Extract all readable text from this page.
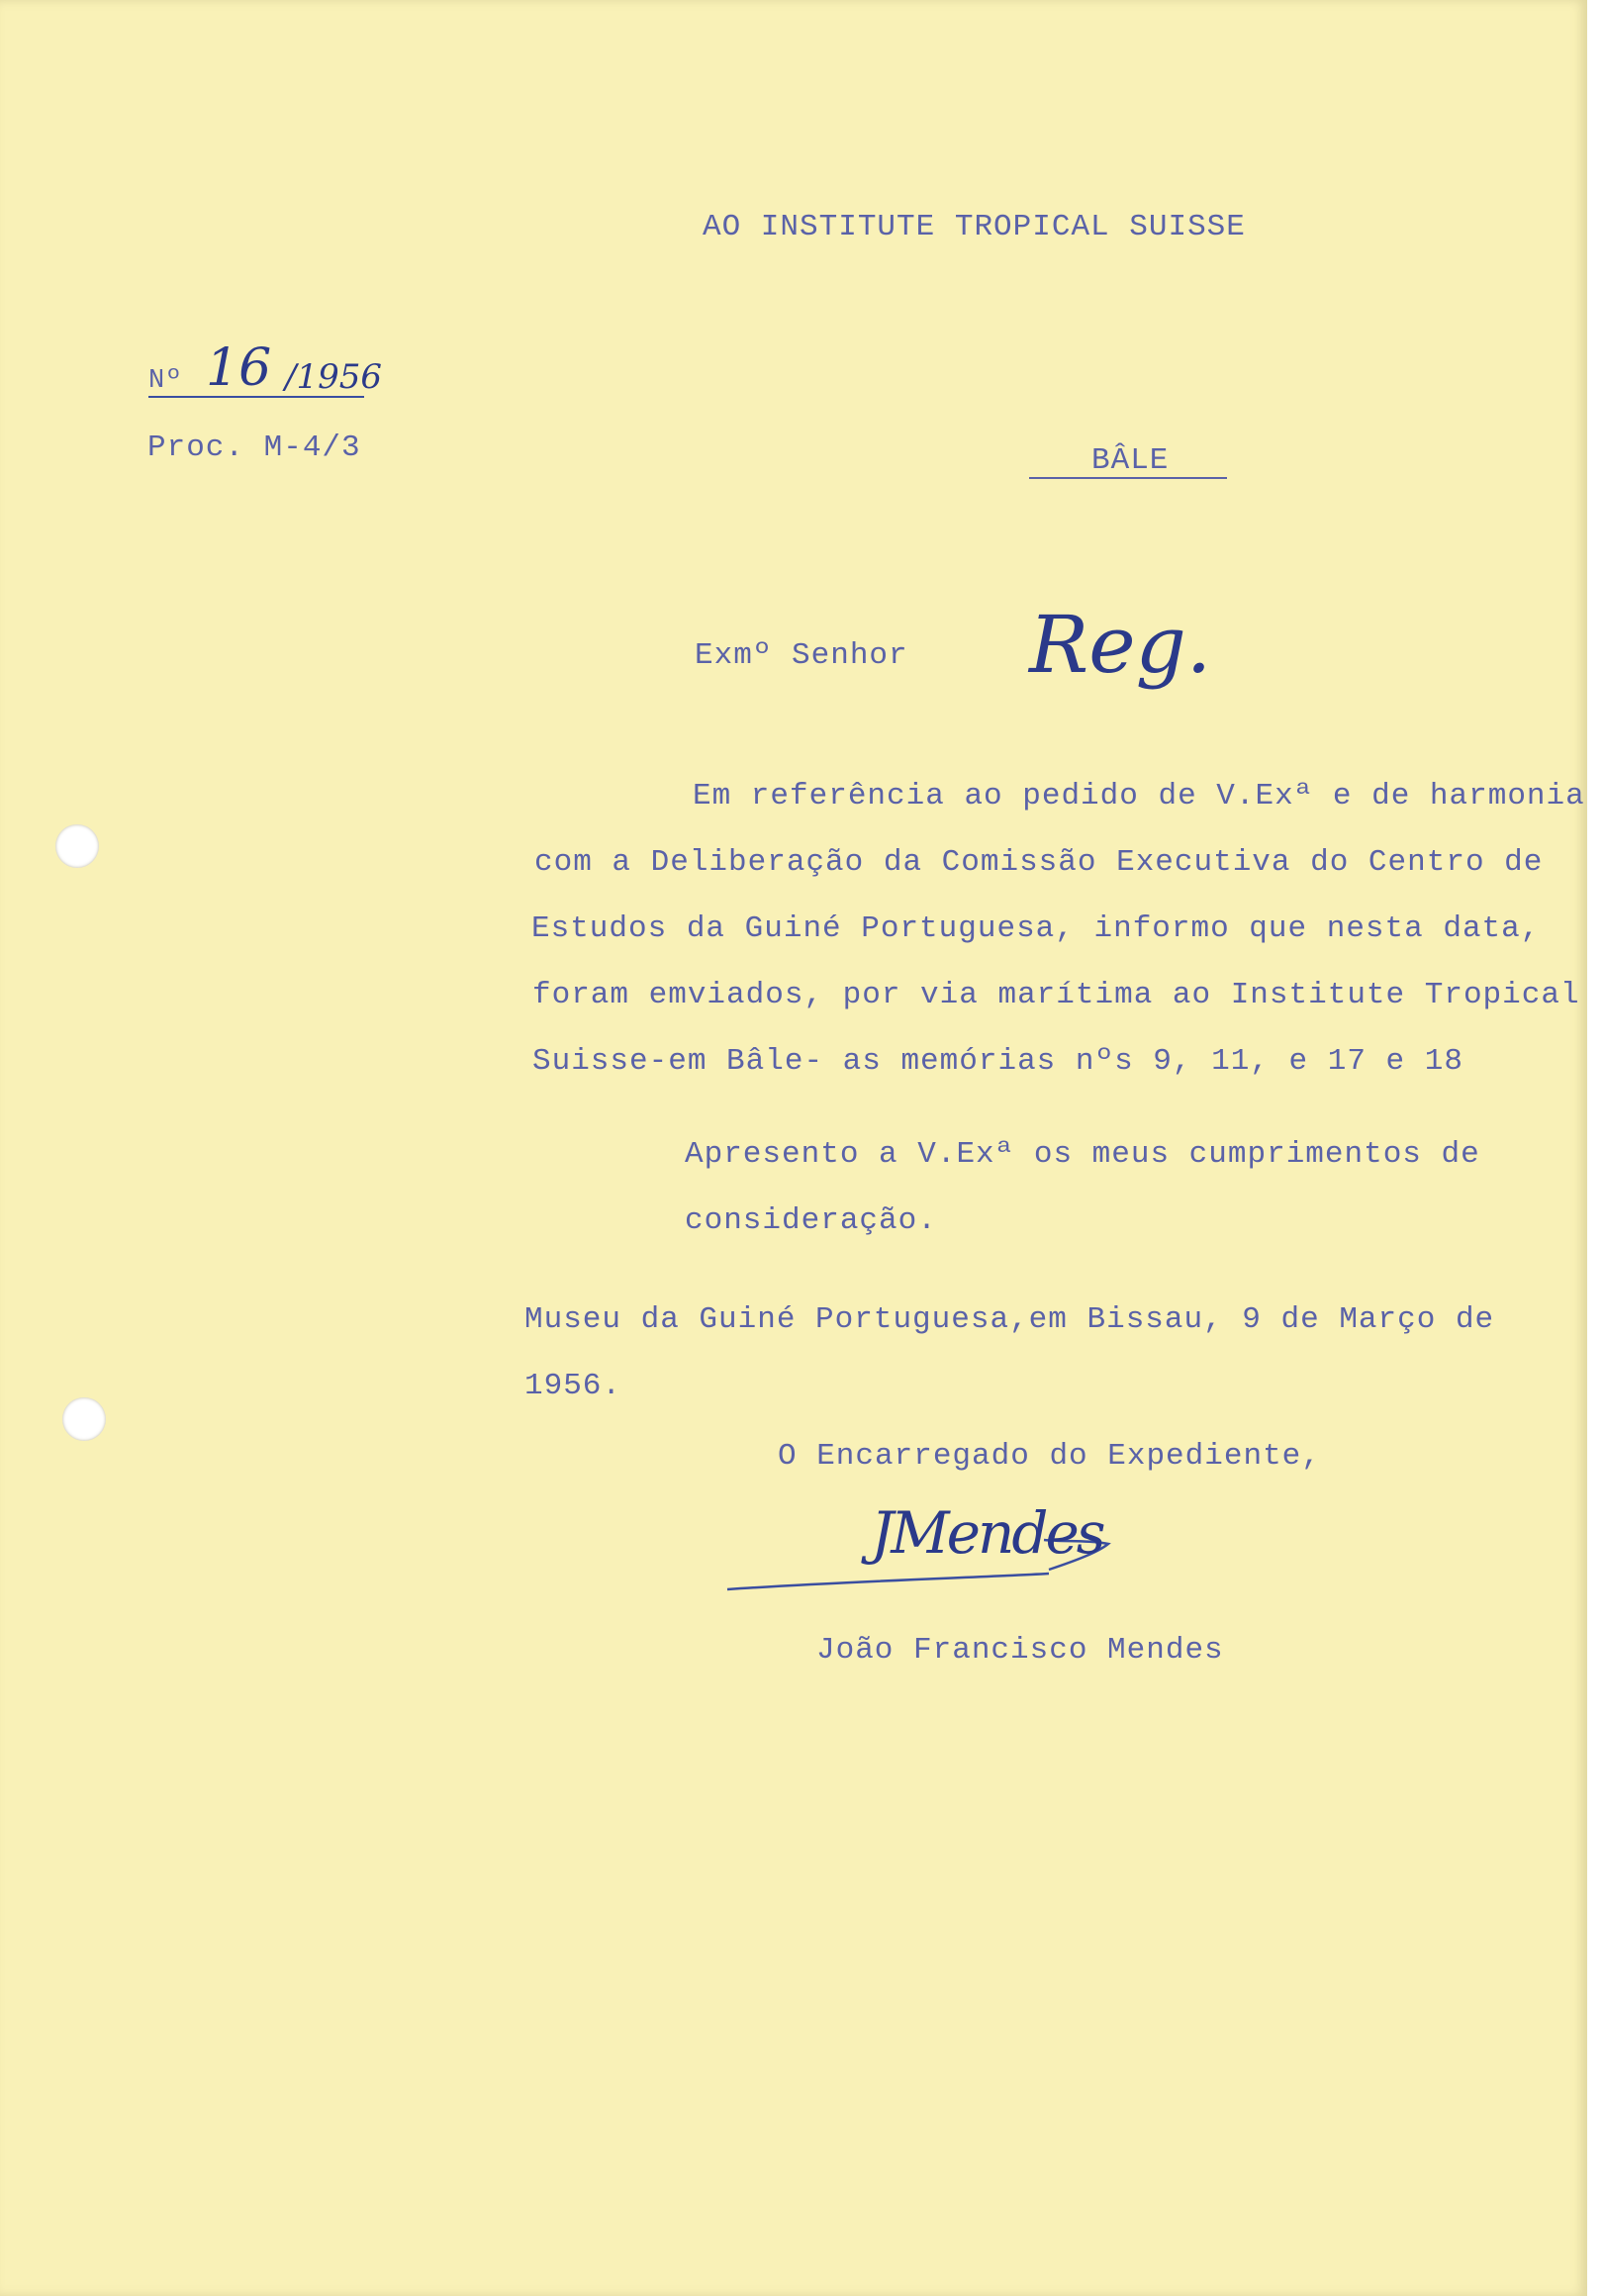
AO INSTITUTE TROPICAL SUISSE

Nº 16 /1956

Proc. M-4/3	BÂLE

Exmº Senhor Reg.

Em referência ao pedido de V.Exª e de harmonia

com a Deliberação da Comissão Executiva do Centro de

Estudos da Guiné Portuguesa, informo que nesta data,

foram emviados, por via marítima ao Institute Tropical

Suisse-em Bâle- as memórias nºs 9, 11, e 17 e 18

Apresento a V.Exª os meus cumprimentos de

consideração.

Museu da Guiné Portuguesa,em Bissau, 9 de Março de

1956.

O Encarregado do Expediente,

JMendes

João Francisco Mendes
